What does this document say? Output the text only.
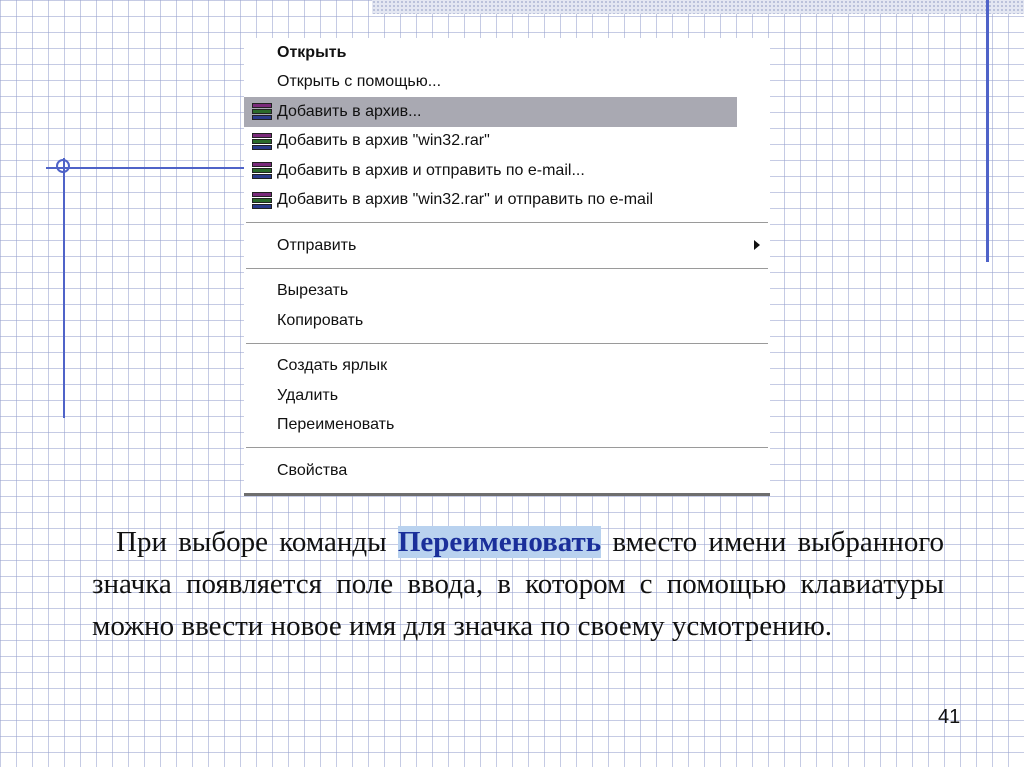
Открыть
Открыть с помощью...
Добавить в архив...
Добавить в архив "win32.rar"
Добавить в архив и отправить по e-mail...
Добавить в архив "win32.rar" и отправить по e-mail
Отправить
Вырезать
Копировать
Создать ярлык
Удалить
Переименовать
Свойства

При выборе команды Переименовать вместо имени выбранного значка появляется поле ввода, в котором с помощью клавиатуры можно ввести новое имя для значка по своему усмотрению.

41
